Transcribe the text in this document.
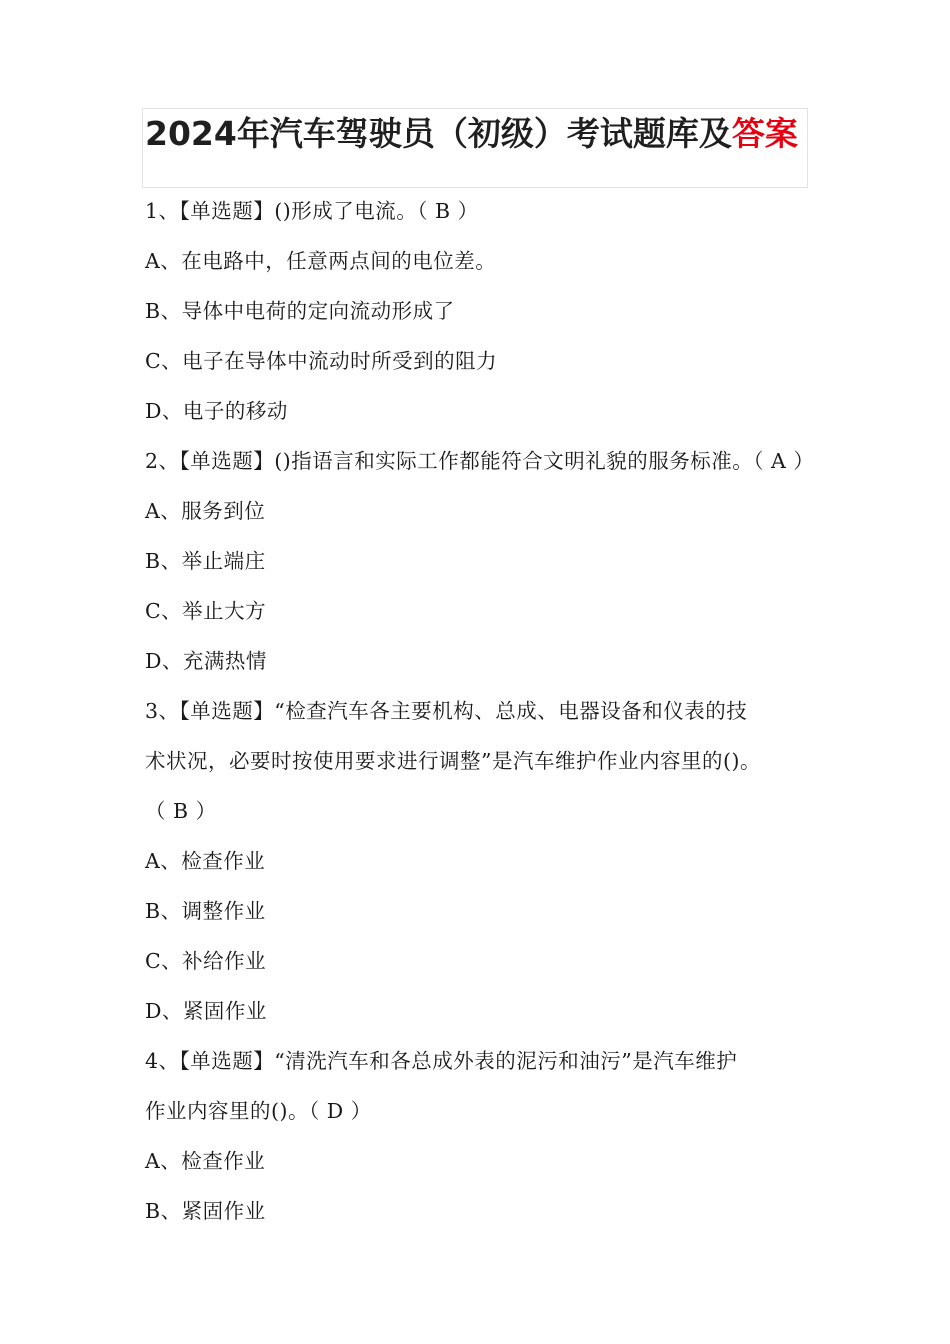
2024年汽车驾驶员（初级）考试题库及答案
1、【单选题】()形成了电流。（ B ）
A、在电路中，任意两点间的电位差。
B、导体中电荷的定向流动形成了
C、电子在导体中流动时所受到的阻力
D、电子的移动
2、【单选题】()指语言和实际工作都能符合文明礼貌的服务标准。（ A ）
A、服务到位
B、举止端庄
C、举止大方
D、充满热情
3、【单选题】“检查汽车各主要机构、总成、电器设备和仪表的技
术状况，必要时按使用要求进行调整”是汽车维护作业内容里的()。
（ B ）
A、检查作业
B、调整作业
C、补给作业
D、紧固作业
4、【单选题】“清洗汽车和各总成外表的泥污和油污”是汽车维护
作业内容里的()。（ D ）
A、检查作业
B、紧固作业
